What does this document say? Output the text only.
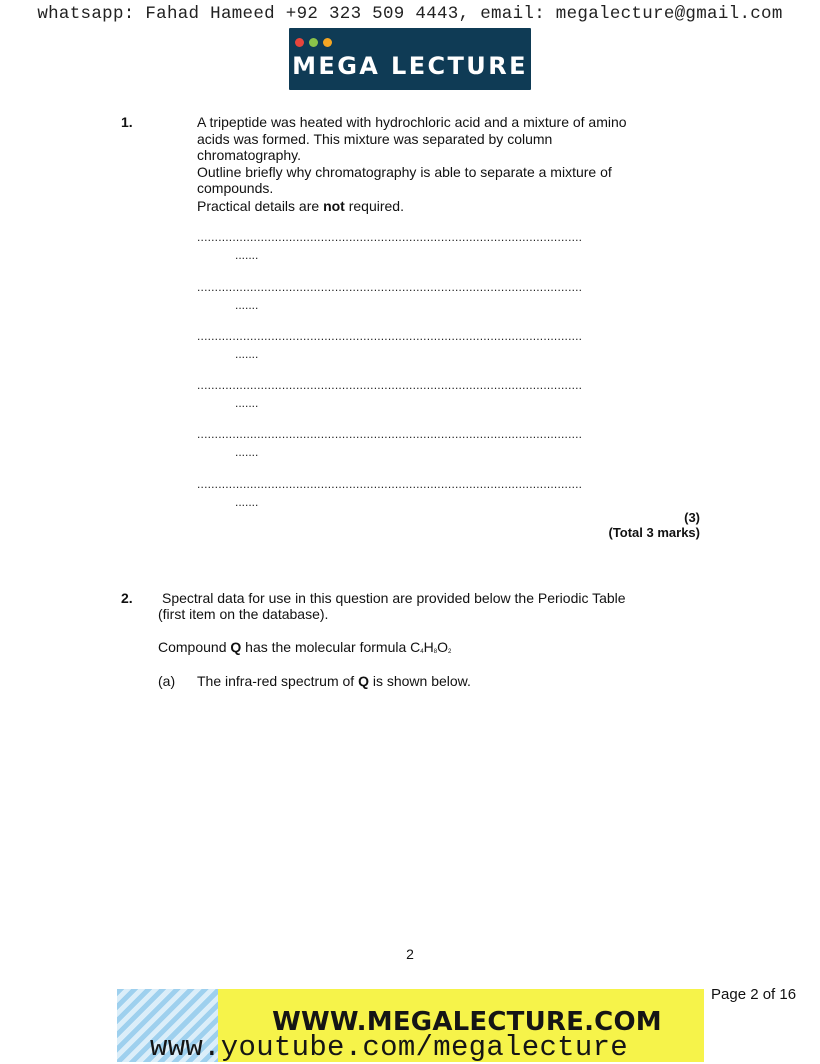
whatsapp: Fahad Hameed +92 323 509 4443, email: megalecture@gmail.com
MEGA LECTURE
1.	A tripeptide was heated with hydrochloric acid and a mixture of amino
acids was formed. This mixture was separated by column
chromatography.
Outline briefly why chromatography is able to separate a mixture of
compounds.
Practical details are not required.
.............................................................................................................
.......
.............................................................................................................
.......
.............................................................................................................
.......
.............................................................................................................
.......
.............................................................................................................
.......
.............................................................................................................
.......
(3)
(Total 3 marks)
2. Spectral data for use in this question are provided below the Periodic Table
(first item on the database).
Compound Q has the molecular formula $C_4H_8O_2$
(a) The infra-red spectrum of Q is shown below.
2
Page 2 of 16
WWW.MEGALECTURE.COM
www.youtube.com/megalecture
